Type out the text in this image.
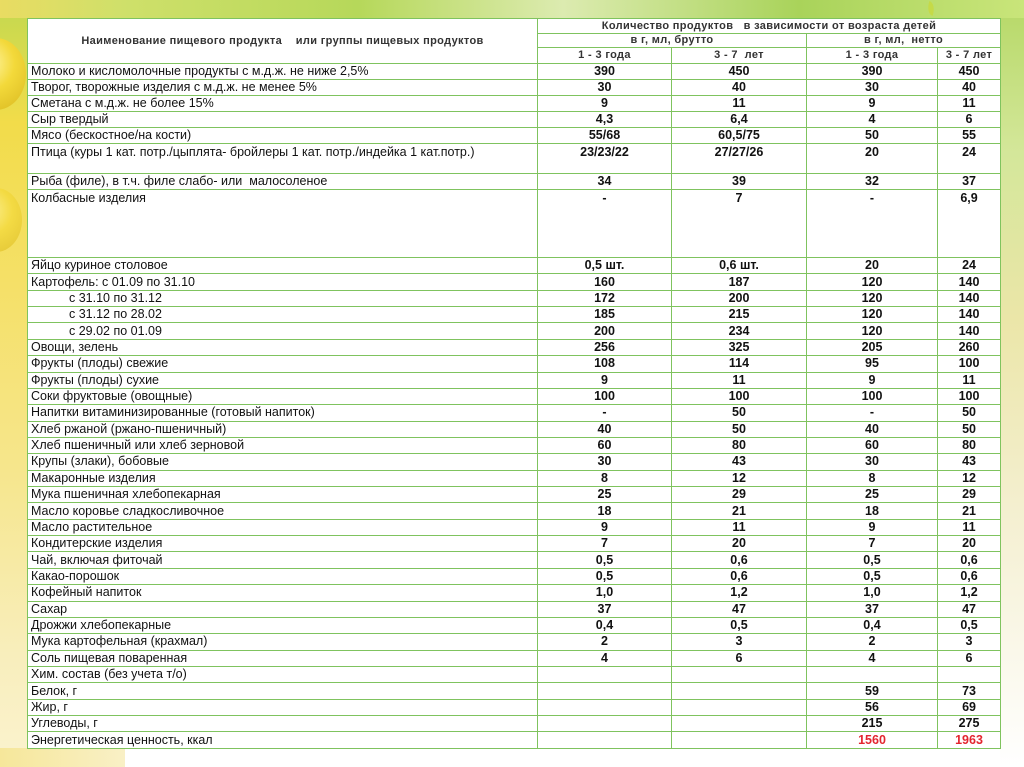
Наименование пищевого продукта    или группы пищевых продуктов	Количество продуктов   в зависимости от возраста детей			
	в г, мл, брутто		в г, мл,  нетто	
	1 - 3 года	3 - 7  лет	1 - 3 года	3 - 7 лет
Молоко и кисломолочные продукты с м.д.ж. не ниже 2,5%	390	450	390	450
Творог, творожные изделия с м.д.ж. не менее 5%	30	40	30	40
Сметана с м.д.ж. не более 15%	9	11	9	11
Сыр твердый	4,3	6,4	4	6
Мясо (бескостное/на кости)	55/68	60,5/75	50	55
Птица (куры 1 кат. потр./цыплята- бройлеры 1 кат. потр./индейка 1 кат.потр.)	23/23/22	27/27/26	20	24
Рыба (филе), в т.ч. филе слабо- или  малосоленое	34	39	32	37
Колбасные изделия	-	7	-	6,9
Яйцо куриное столовое	0,5 шт.	0,6 шт.	20	24
Картофель: с 01.09 по 31.10	160	187	120	140
с 31.10 по 31.12	172	200	120	140
с 31.12 по 28.02	185	215	120	140
с 29.02 по 01.09	200	234	120	140
Овощи, зелень	256	325	205	260
Фрукты (плоды) свежие	108	114	95	100
Фрукты (плоды) сухие	9	11	9	11
Соки фруктовые (овощные)	100	100	100	100
Напитки витаминизированные (готовый напиток)	-	50	-	50
Хлеб ржаной (ржано-пшеничный)	40	50	40	50
Хлеб пшеничный или хлеб зерновой	60	80	60	80
Крупы (злаки), бобовые	30	43	30	43
Макаронные изделия	8	12	8	12
Мука пшеничная хлебопекарная	25	29	25	29
Масло коровье сладкосливочное	18	21	18	21
Масло растительное	9	11	9	11
Кондитерские изделия	7	20	7	20
Чай, включая фиточай	0,5	0,6	0,5	0,6
Какао-порошок	0,5	0,6	0,5	0,6
Кофейный напиток	1,0	1,2	1,0	1,2
Сахар	37	47	37	47
Дрожжи хлебопекарные	0,4	0,5	0,4	0,5
Мука картофельная (крахмал)	2	3	2	3
Соль пищевая поваренная	4	6	4	6
Хим. состав (без учета т/о)				
Белок, г			59	73
Жир, г			56	69
Углеводы, г			215	275
Энергетическая ценность, ккал			1560	1963
